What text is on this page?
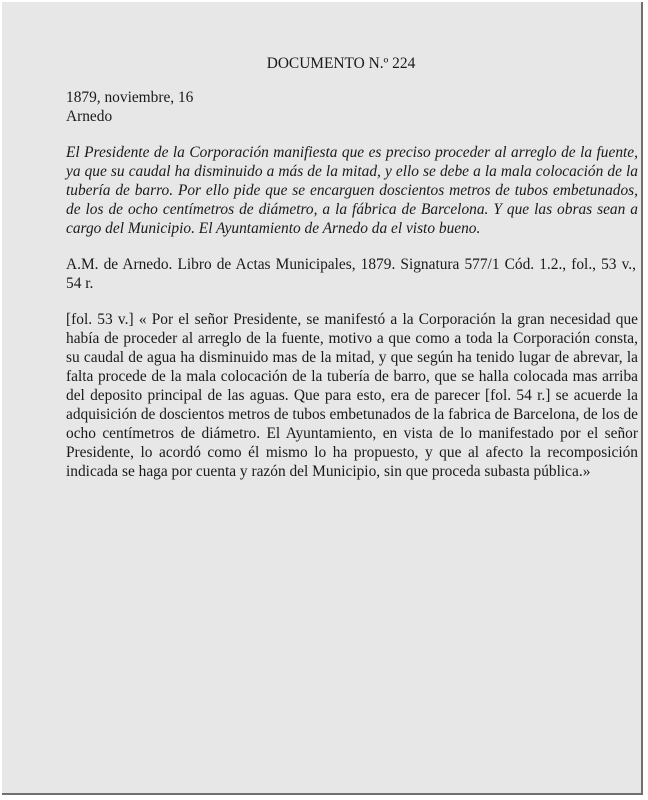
DOCUMENTO N.º 224

1879, noviembre, 16

Arnedo

El Presidente de la Corporación manifiesta que es preciso proceder al arreglo de la fuente, ya que su caudal ha disminuido a más de la mitad, y ello se debe a la mala colocación de la tubería de barro. Por ello pide que se encarguen doscientos metros de tubos embetunados, de los de ocho centímetros de diámetro, a la fábrica de Barcelona. Y que las obras sean a cargo del Municipio. El Ayuntamiento de Arnedo da el visto bueno.

A.M. de Arnedo. Libro de Actas Municipales, 1879. Signatura 577/1 Cód. 1.2., fol., 53 v., 54 r.

[fol. 53 v.] « Por el señor Presidente, se manifestó a la Corporación la gran necesidad que había de proceder al arreglo de la fuente, motivo a que como a toda la Corporación consta, su caudal de agua ha disminuido mas de la mitad, y que según ha tenido lugar de abrevar, la falta procede de la mala colocación de la tubería de barro, que se halla colocada mas arriba del deposito principal de las aguas. Que para esto, era de parecer [fol. 54 r.] se acuerde la adquisición de doscientos metros de tubos embetunados de la fabrica de Barcelona, de los de ocho centímetros de diámetro. El Ayuntamiento, en vista de lo manifestado por el señor Presidente, lo acordó como él mismo lo ha propuesto, y que al afecto la recomposición indicada se haga por cuenta y razón del Municipio, sin que proceda subasta pública.»
